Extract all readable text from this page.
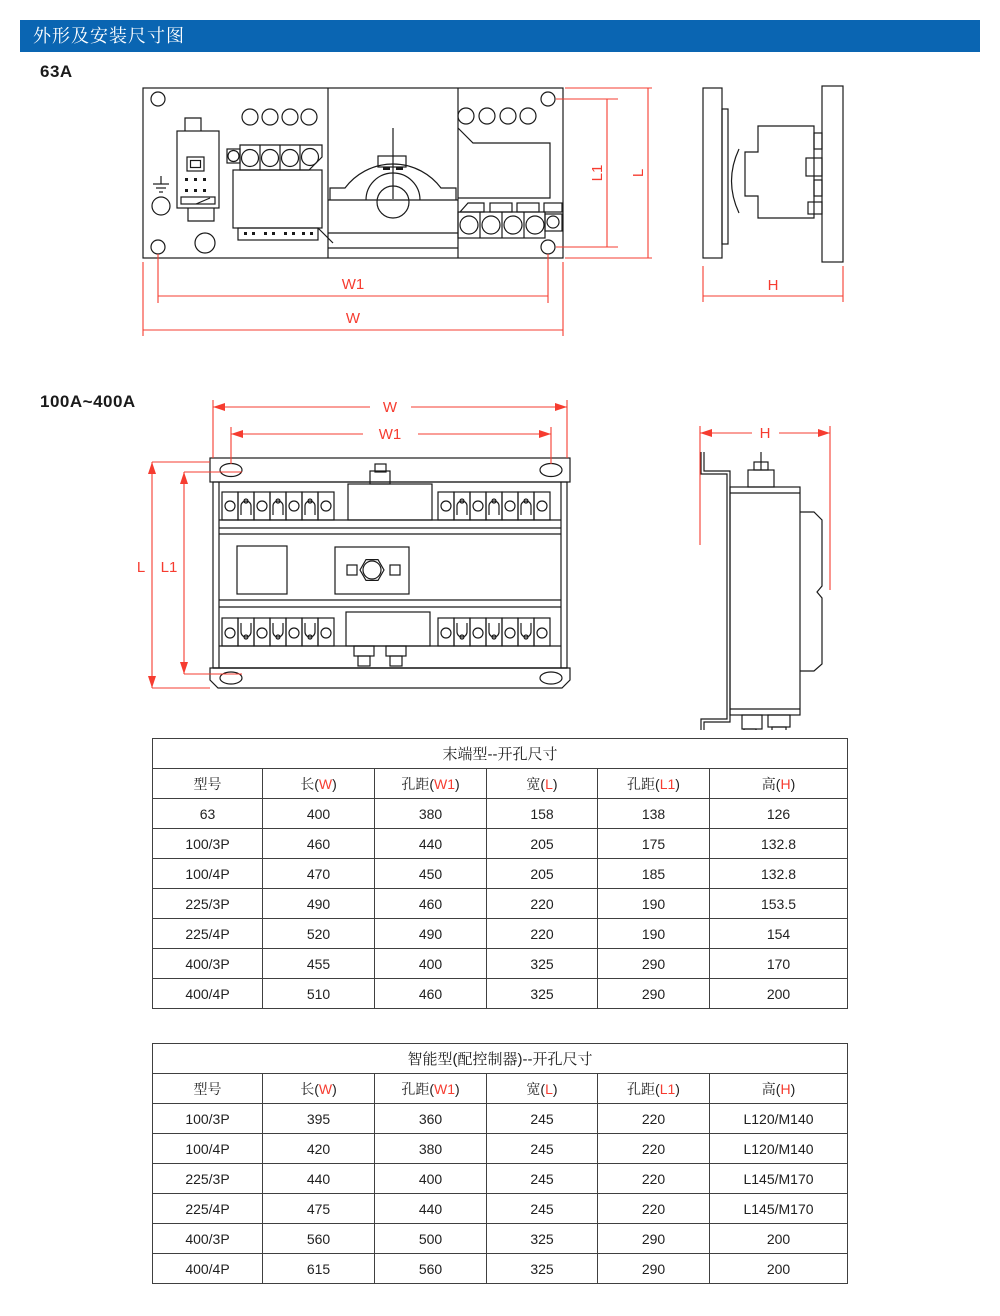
外形及安装尺寸图
63A
100A~400A
W1
W
H
L1 L
W
W1
L L1
H
末端型--开孔尺寸					
型号	长(W)	孔距(W1)	宽(L)	孔距(L1)	高(H)
63	400	380	158	138	126
100/3P	460	440	205	175	132.8
100/4P	470	450	205	185	132.8
225/3P	490	460	220	190	153.5
225/4P	520	490	220	190	154
400/3P	455	400	325	290	170
400/4P	510	460	325	290	200
智能型(配控制器)--开孔尺寸					
型号	长(W)	孔距(W1)	宽(L)	孔距(L1)	高(H)
100/3P	395	360	245	220	L120/M140
100/4P	420	380	245	220	L120/M140
225/3P	440	400	245	220	L145/M170
225/4P	475	440	245	220	L145/M170
400/3P	560	500	325	290	200
400/4P	615	560	325	290	200
